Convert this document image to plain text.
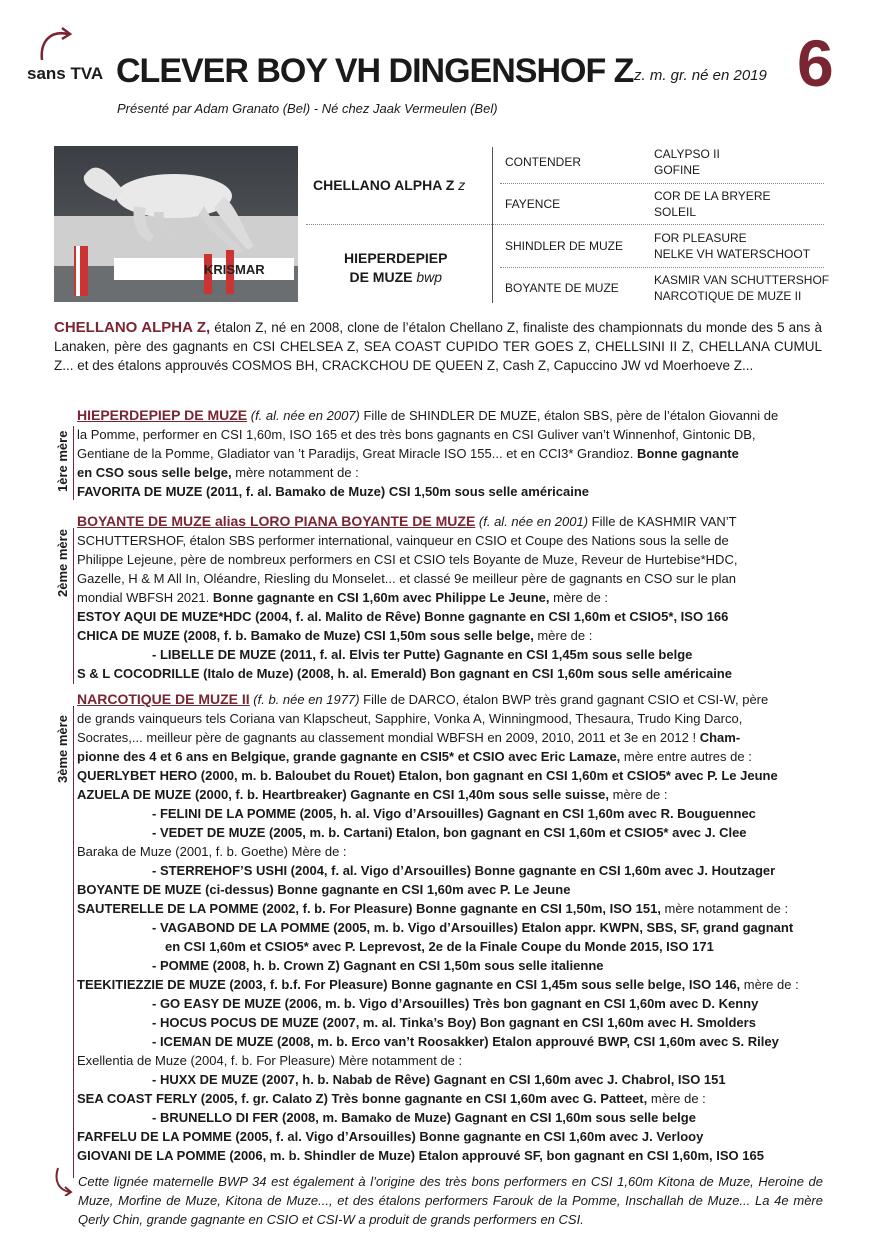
sans TVA CLEVER BOY VH DINGENSHOF Z z. m. gr. né en 2019 6
Présenté par Adam Granato (Bel) - Né chez Jaak Vermeulen (Bel)
KRISMAR
CHELLANO ALPHA Z z
HIEPERDEPIEP
DE MUZE bwp
CONTENDER
FAYENCE
SHINDLER DE MUZE
BOYANTE DE MUZE
CALYPSO II
GOFINE
COR DE LA BRYERE
SOLEIL
FOR PLEASURE
NELKE VH WATERSCHOOT
KASMIR VAN SCHUTTERSHOF
NARCOTIQUE DE MUZE II
CHELLANO ALPHA Z, étalon Z, né en 2008, clone de l’étalon Chellano Z, finaliste des championnats du monde des 5 ans à Lanaken, père des gagnants en CSI CHELSEA Z, SEA COAST CUPIDO TER GOES Z, CHELLSINI II Z, CHELLANA CUMUL Z... et des étalons approuvés COSMOS BH, CRACKCHOU DE QUEEN Z, Cash Z, Capuccino JW vd Moerhoeve Z...
1ère mère
HIEPERDEPIEP DE MUZE (f. al. née en 2007) Fille de SHINDLER DE MUZE, étalon SBS, père de l’étalon Giovanni de
la Pomme, performer en CSI 1,60m, ISO 165 et des très bons gagnants en CSI Guliver van’t Winnenhof, Gintonic DB,
Gentiane de la Pomme, Gladiator van ’t Paradijs, Great Miracle ISO 155... et en CCI3* Grandioz. Bonne gagnante
en CSO sous selle belge, mère notamment de :
FAVORITA DE MUZE (2011, f. al. Bamako de Muze) CSI 1,50m sous selle américaine
2ème mère
BOYANTE DE MUZE alias LORO PIANA BOYANTE DE MUZE (f. al. née en 2001) Fille de KASHMIR VAN’T
SCHUTTERSHOF, étalon SBS performer international, vainqueur en CSIO et Coupe des Nations sous la selle de
Philippe Lejeune, père de nombreux performers en CSI et CSIO tels Boyante de Muze, Reveur de Hurtebise*HDC,
Gazelle, H & M All In, Oléandre, Riesling du Monselet... et classé 9e meilleur père de gagnants en CSO sur le plan
mondial WBFSH 2021. Bonne gagnante en CSI 1,60m avec Philippe Le Jeune, mère de :
ESTOY AQUI DE MUZE*HDC (2004, f. al. Malito de Rêve) Bonne gagnante en CSI 1,60m et CSIO5*, ISO 166
CHICA DE MUZE (2008, f. b. Bamako de Muze) CSI 1,50m sous selle belge, mère de :
- LIBELLE DE MUZE (2011, f. al. Elvis ter Putte) Gagnante en CSI 1,45m sous selle belge
S & L COCODRILLE (Italo de Muze) (2008, h. al. Emerald) Bon gagnant en CSI 1,60m sous selle américaine
3ème mère
NARCOTIQUE DE MUZE II (f. b. née en 1977) Fille de DARCO, étalon BWP très grand gagnant CSIO et CSI-W, père
de grands vainqueurs tels Coriana van Klapscheut, Sapphire, Vonka A, Winningmood, Thesaura, Trudo King Darco,
Socrates,... meilleur père de gagnants au classement mondial WBFSH en 2009, 2010, 2011 et 3e en 2012 ! Cham-
pionne des 4 et 6 ans en Belgique, grande gagnante en CSI5* et CSIO avec Eric Lamaze, mère entre autres de :
QUERLYBET HERO (2000, m. b. Baloubet du Rouet) Etalon, bon gagnant en CSI 1,60m et CSIO5* avec P. Le Jeune
AZUELA DE MUZE (2000, f. b. Heartbreaker) Gagnante en CSI 1,40m sous selle suisse, mère de :
- FELINI DE LA POMME (2005, h. al. Vigo d’Arsouilles) Gagnant en CSI 1,60m avec R. Bouguennec
- VEDET DE MUZE (2005, m. b. Cartani) Etalon, bon gagnant en CSI 1,60m et CSIO5* avec J. Clee
Baraka de Muze (2001, f. b. Goethe) Mère de :
- STERREHOF’S USHI (2004, f. al. Vigo d’Arsouilles) Bonne gagnante en CSI 1,60m avec J. Houtzager
BOYANTE DE MUZE (ci-dessus) Bonne gagnante en CSI 1,60m avec P. Le Jeune
SAUTERELLE DE LA POMME (2002, f. b. For Pleasure) Bonne gagnante en CSI 1,50m, ISO 151, mère notamment de :
- VAGABOND DE LA POMME (2005, m. b. Vigo d’Arsouilles) Etalon appr. KWPN, SBS, SF, grand gagnant
en CSI 1,60m et CSIO5* avec P. Leprevost, 2e de la Finale Coupe du Monde 2015, ISO 171
- POMME (2008, h. b. Crown Z) Gagnant en CSI 1,50m sous selle italienne
TEEKITIEZZIE DE MUZE (2003, f. b.f. For Pleasure) Bonne gagnante en CSI 1,45m sous selle belge, ISO 146, mère de :
- GO EASY DE MUZE (2006, m. b. Vigo d’Arsouilles) Très bon gagnant en CSI 1,60m avec D. Kenny
- HOCUS POCUS DE MUZE (2007, m. al. Tinka’s Boy) Bon gagnant en CSI 1,60m avec H. Smolders
- ICEMAN DE MUZE (2008, m. b. Erco van’t Roosakker) Etalon approuvé BWP, CSI 1,60m avec S. Riley
Exellentia de Muze (2004, f. b. For Pleasure) Mère notamment de :
- HUXX DE MUZE (2007, h. b. Nabab de Rêve) Gagnant en CSI 1,60m avec J. Chabrol, ISO 151
SEA COAST FERLY (2005, f. gr. Calato Z) Très bonne gagnante en CSI 1,60m avec G. Patteet, mère de :
- BRUNELLO DI FER (2008, m. Bamako de Muze) Gagnant en CSI 1,60m sous selle belge
FARFELU DE LA POMME (2005, f. al. Vigo d’Arsouilles) Bonne gagnante en CSI 1,60m avec J. Verlooy
GIOVANI DE LA POMME (2006, m. b. Shindler de Muze) Etalon approuvé SF, bon gagnant en CSI 1,60m, ISO 165
Cette lignée maternelle BWP 34 est également à l’origine des très bons performers en CSI 1,60m Kitona de Muze, Heroine de Muze, Morfine de Muze, Kitona de Muze..., et des étalons performers Farouk de la Pomme, Inschallah de Muze... La 4e mère Qerly Chin, grande gagnante en CSIO et CSI-W a produit de grands performers en CSI.
